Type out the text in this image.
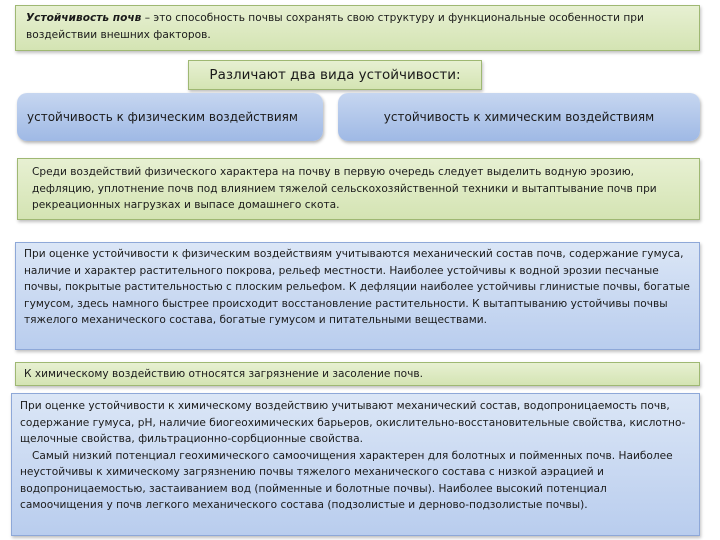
Устойчивость почв – это способность почвы сохранять свою структуру и функциональные особенности при воздействии внешних факторов.
Различают два вида устойчивости:
устойчивость к физическим воздействиям	устойчивость к химическим воздействиям
Среди воздействий физического характера на почву в первую очередь следует выделить водную эрозию, дефляцию, уплотнение почв под влиянием тяжелой сельскохозяйственной техники и вытаптывание почв при рекреационных нагрузках и выпасе домашнего скота.
При оценке устойчивости к физическим воздействиям учитываются механический состав почв, содержание гумуса, наличие и характер растительного покрова, рельеф местности. Наиболее устойчивы к водной эрозии песчаные почвы, покрытые растительностью с плоским рельефом. К дефляции наиболее устойчивы глинистые почвы, богатые гумусом, здесь намного быстрее происходит восстановление растительности. К вытаптыванию устойчивы почвы тяжелого механического состава, богатые гумусом и питательными веществами.
К химическому воздействию относятся загрязнение и засоление почв.
При оценке устойчивости к химическому воздействию учитывают механический состав, водопроницаемость почв, содержание гумуса, pH, наличие биогеохимических барьеров, окислительно-восстановительные свойства, кислотно-щелочные свойства, фильтрационно-сорбционные свойства.
Самый низкий потенциал геохимического самоочищения характерен для болотных и пойменных почв. Наиболее неустойчивы к химическому загрязнению почвы тяжелого механического состава с низкой аэрацией и водопроницаемостью, застаиванием вод (пойменные и болотные почвы). Наиболее высокий потенциал самоочищения у почв легкого механического состава (подзолистые и дерново-подзолистые почвы).
